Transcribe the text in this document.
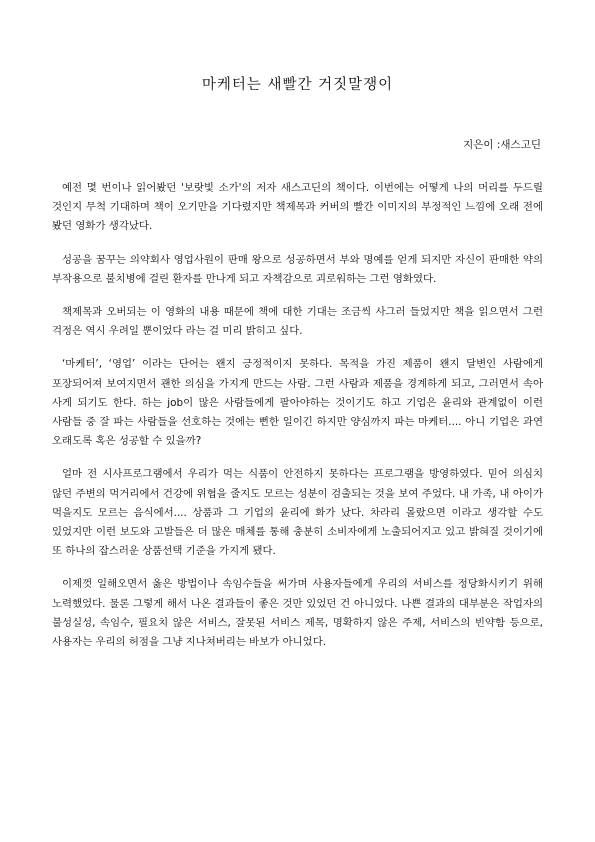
마케터는 새빨간 거짓말쟁이

지은이 :새스고딘

예전 몇 번이나 읽어봤던 '보랏빛 소가'의 저자 새스고딘의 책이다. 이번에는 어떻게 나의 머리를 두드릴 것인지 무척 기대하며 책이 오기만을 기다렸지만 책제목과 커버의 빨간 이미지의 부정적인 느낌에 오래 전에 봤던 영화가 생각났다.

성공을 꿈꾸는 의약회사 영업사원이 판매 왕으로 성공하면서 부와 명예를 얻게 되지만 자신이 판매한 약의 부작용으로 불치병에 걸린 환자를 만나게 되고 자책감으로 괴로워하는 그런 영화였다.

책제목과 오버되는 이 영화의 내용 때문에 책에 대한 기대는 조금씩 사그러 들었지만 책을 읽으면서 그런 걱정은 역시 우려일 뿐이었다 라는 걸 미리 밝히고 싶다.

‘마케터’, ‘영업’ 이라는 단어는 왠지 긍정적이지 못하다. 목적을 가진 제품이 왠지 달변인 사람에게 포장되어져 보여지면서 괜한 의심을 가지게 만드는 사람. 그런 사람과 제품을 경계하게 되고, 그러면서 속아 사게 되기도 한다. 하는 job이 많은 사람들에게 팔아야하는 것이기도 하고 기업은 윤리와 관계없이 이런 사람들 중 잘 파는 사람들을 선호하는 것에는 뻔한 일이긴 하지만 양심까지 파는 마케터.... 아니 기업은 과연 오래도록 혹은 성공할 수 있을까?

얼마 전 시사프로그램에서 우리가 먹는 식품이 안전하지 못하다는 프로그램을 방영하였다. 믿어 의심치 않던 주변의 먹거리에서 건강에 위협을 줄지도 모르는 성분이 검출되는 것을 보여 주었다. 내 가족, 내 아이가 먹을지도 모르는 음식에서.... 상품과 그 기업의 윤리에 화가 났다. 차라리 몰랐으면 이라고 생각할 수도 있었지만 이런 보도와 고발들은 더 많은 매체를 통해 충분히 소비자에게 노출되어지고 있고 밝혀질 것이기에 또 하나의 잡스러운 상품선택 기준을 가지게 됐다.

이제껏 일해오면서 옳은 방법이나 속임수들을 써가며 사용자들에게 우리의 서비스를 정당화시키기 위해 노력했었다. 물론 그렇게 해서 나온 결과들이 좋은 것만 있었던 건 아니었다. 나쁜 결과의 대부분은 작업자의 불성실성, 속임수, 필요치 않은 서비스, 잘못된 서비스 제목, 명확하지 않은 주제, 서비스의 빈약함 등으로, 사용자는 우리의 허점을 그냥 지나쳐버리는 바보가 아니었다.
